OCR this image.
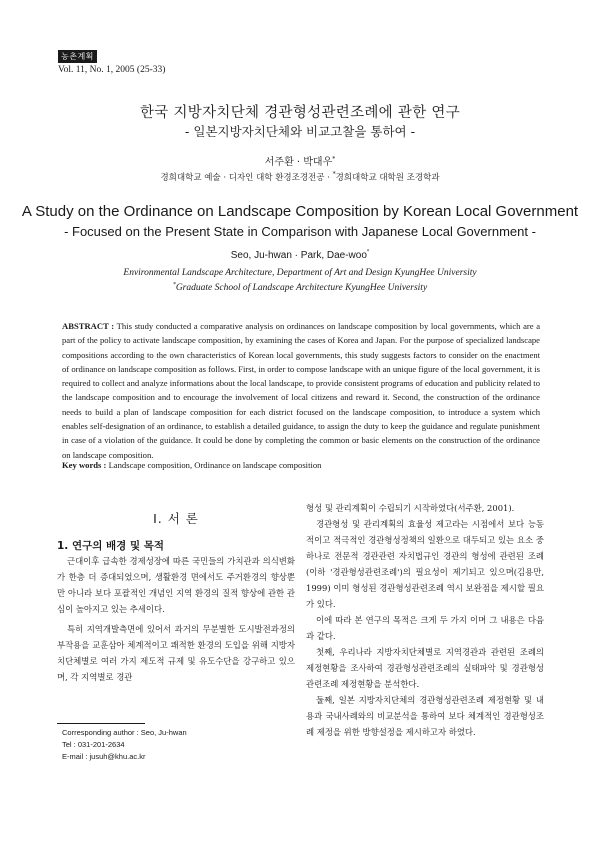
농촌계획
Vol. 11, No. 1, 2005 (25-33)
한국 지방자치단체 경관형성관련조례에 관한 연구
- 일본지방자치단체와 비교고찰을 통하여 -
서주환 · 박대우*
경희대학교 예술 · 디자인 대학 환경조경전공 · *경희대학교 대학원 조경학과
A Study on the Ordinance on Landscape Composition by Korean Local Government
- Focused on the Present State in Comparison with Japanese Local Government -
Seo, Ju-hwan · Park, Dae-woo*
Environmental Landscape Architecture, Department of Art and Design KyungHee University
*Graduate School of Landscape Architecture KyungHee University
ABSTRACT : This study conducted a comparative analysis on ordinances on landscape composition by local governments, which are a part of the policy to activate landscape composition, by examining the cases of Korea and Japan. For the purpose of specialized landscape compositions according to the own characteristics of Korean local governments, this study suggests factors to consider on the enactment of ordinance on landscape composition as follows. First, in order to compose landscape with an unique figure of the local government, it is required to collect and analyze informations about the local landscape, to provide consistent programs of education and publicity related to the landscape composition and to encourage the involvement of local citizens and reward it. Second, the construction of the ordinance needs to build a plan of landscape composition for each district focused on the landscape composition, to introduce a system which enables self-designation of an ordinance, to establish a detailed guidance, to assign the duty to keep the guidance and regulate punishment in case of a violation of the guidance. It could be done by completing the common or basic elements on the construction of the ordinance on landscape composition.
Key words : Landscape composition, Ordinance on landscape composition
Ⅰ. 서 론
1. 연구의 배경 및 목적

근대이후 급속한 경제성장에 따른 국민들의 가치관과 의식변화가 한층 더 증대되었으며, 생활환경 면에서도 주거환경의 향상뿐만 아니라 보다 포괄적인 개념인 지역 환경의 질적 향상에 관한 관심이 높아지고 있는 추세이다.

특히 지역개발측면에 있어서 과거의 무분별한 도시발전과정의 부작용을 교훈삼아 체계적이고 쾌적한 환경의 도입을 위해 지방자치단체별로 여러 가지 제도적 규제 및 유도수단을 강구하고 있으며, 각 지역별로 경관

형성 및 관리계획이 수립되기 시작하였다(서주환, 2001).

경관형성 및 관리계획의 효율성 제고라는 시점에서 보다 능동적이고 적극적인 경관형성정책의 일환으로 대두되고 있는 요소 중 하나로 전문적 경관관련 자치법규인 경관의 형성에 관련된 조례(이하 '경관형성관련조례')의 필요성이 제기되고 있으며(김용만, 1999) 이미 형성된 경관형성관련조례 역시 보완점을 제시할 필요가 있다.

이에 따라 본 연구의 목적은 크게 두 가지 이며 그 내용은 다음과 같다.

첫째, 우리나라 지방자치단체별로 지역경관과 관련된 조례의 제정현황을 조사하여 경관형성관련조례의 실태파악 및 경관형성관련조례 제정현황을 분석한다.

둘째, 일본 지방자치단체의 경관형성관련조례 제정현황 및 내용과 국내사례와의 비교분석을 통하여 보다 체계적인 경관형성조례 제정을 위한 방향설정을 제시하고자 하였다.

Corresponding author : Seo, Ju-hwan
Tel : 031-201-2634
E-mail : jusuh@khu.ac.kr
